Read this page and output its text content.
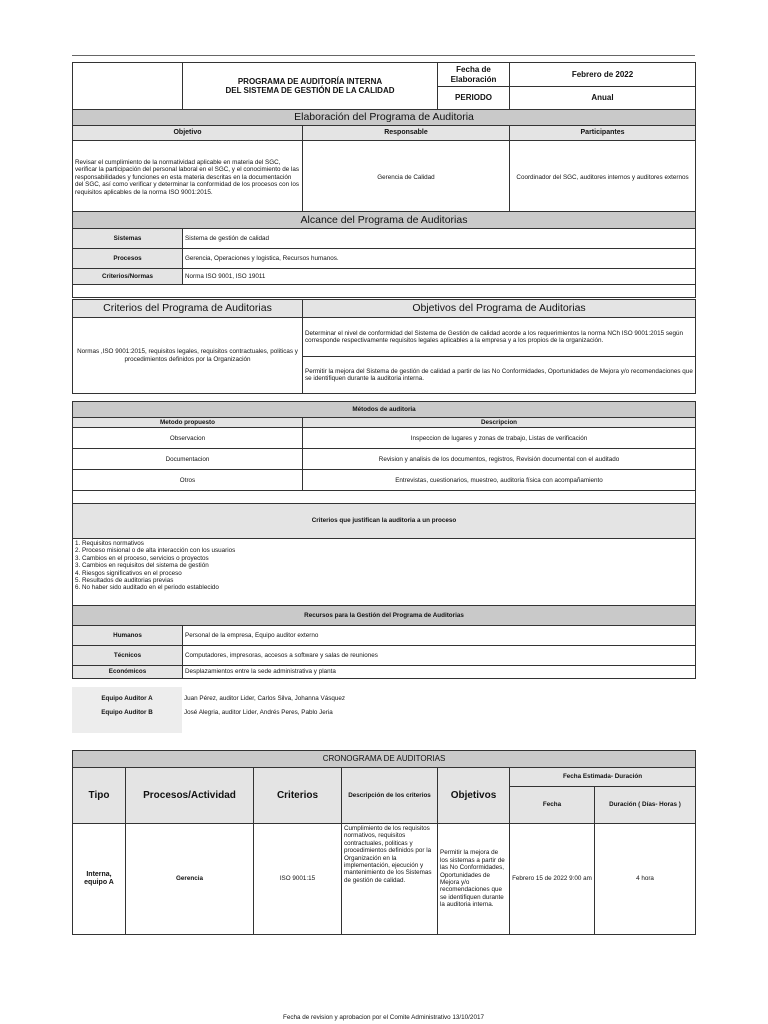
	PROGRAMA DE AUDITORÍA INTERNA
DEL SISTEMA DE GESTIÓN DE LA CALIDAD	Fecha de Elaboración	Febrero de 2022
		PERIODO	Anual
Elaboración del Programa de Auditoria		
Objetivo	Responsable	Participantes
Revisar el cumplimiento de la normatividad aplicable en materia del SGC, verificar la participación del personal laboral en el SGC, y el conocimiento de las responsabilidades y funciones en esta materia descritas en la documentación del SGC, así como verificar y determinar la conformidad de los procesos con los requisitos aplicables de la norma ISO 9001:2015.	Gerencia de Calidad	Coordinador del SGC, auditores internos y auditores externos
Alcance del Programa de Auditorias	
Sistemas	Sistema de gestión de calidad
Procesos	Gerencia, Operaciones y logistica, Recursos humanos.
Criterios/Normas	Norma ISO 9001, ISO 19011

Criterios del Programa de Auditorias	Objetivos del Programa de Auditorias
Normas ,ISO 9001:2015, requisitos legales, requisitos contractuales, politicas y procedimientos definidos por la Organización	Determinar el nivel de conformidad del Sistema de Gestión de calidad acorde a los requerimientos la norma NCh ISO 9001:2015 según corresponde respectivamente requisitos legales aplicables a la empresa y a los propios de la organización.
	Permitir la mejora del Sistema de gestión de calidad a partir de las No Conformidades, Oportunidades de Mejora y/o recomendaciones que se identifiquen durante la auditoria interna.
Métodos de auditoria	
Metodo propuesto	Descripcion
Observacion	Inspeccion de lugares y zonas de trabajo, Listas de verificación
Documentacion	Revision y analisis de los documentos, registros, Revisión documental con el auditado
Otros	Entrevistas, cuestionarios, muestreo, auditoria física con acompañamiento

Criterios que justifican la auditoria a un proceso

1. Requisitos normativos
2. Proceso misional o de alta interacción con los usuarios
3. Cambios en el proceso, servicios o proyectos
3. Cambios en requisitos del sistema de gestión
4. Riesgos significativos en el proceso
5. Resultados de auditorias previas
6. No haber sido auditado en el periodo establecido
Recursos para la Gestión del Programa de Auditorias	
Humanos	Personal de la empresa, Equipo auditor externo
Técnicos	Computadores, impresoras, accesos a software y salas de reuniones
Económicos	Desplazamientos entre la sede administrativa y planta
Equipo Auditor A	Juan Pérez, auditor Lider, Carlos Silva, Johanna Vásquez
Equipo Auditor B	José Alegria, auditor Lider, Andrés Peres, Pablo Jeria
CRONOGRAMA DE AUDITORIAS						
Tipo	Procesos/Actividad	Criterios	Descripción de los criterios	Objetivos	Fecha Estimada- Duración	
					Fecha	Duración ( Días- Horas )
Interna, equipo A	Gerencia	ISO 9001:15	Cumplimiento de los requisitos normativos, requisitos contractuales, politicas y procedimientos definidos por la Organización en la implementación, ejecución y mantenimiento de los Sistemas de gestión de calidad.	Permitir la mejora de los sistemas a partir de las No Conformidades, Oportunidades de Mejora y/o recomendaciones que se identifiquen durante la auditoria interna.	Febrero 15 de 2022 9:00 am	4 hora
Fecha de revision y aprobacion por el Comite Administrativo 13/10/2017
